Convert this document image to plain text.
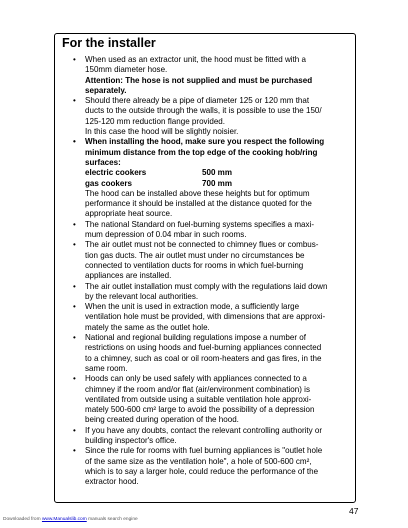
For the installer
• When used as an extractor unit, the hood must be fitted with a
150mm diameter hose.
Attention: The hose is not supplied and must be purchased
separately.
• Should there already be a pipe of diameter 125 or 120 mm that
ducts to the outside through the walls, it is possible to use the 150/
125-120 mm reduction flange provided.
In this case the hood will be slightly noisier.
• When installing the hood, make sure you respect the following
minimum distance from the top edge of the cooking hob/ring
surfaces:
electric cookers	500 mm
gas cookers	700 mm
The hood can be installed above these heights but for optimum
performance it should be installed at the distance quoted for the
appropriate heat source.
• The national Standard on fuel-burning systems specifies a maxi-
mum depression of 0.04 mbar in such rooms.
• The air outlet must not be connected to chimney flues or combus-
tion gas ducts. The air outlet must under no circumstances be
connected to ventilation ducts for rooms in which fuel-burning
appliances are installed.
• The air outlet installation must comply with the regulations laid down
by the relevant local authorities.
• When the unit is used in extraction mode, a sufficiently large
ventilation hole must be provided, with dimensions that are approxi-
mately the same as the outlet hole.
• National and regional building regulations impose a number of
restrictions on using hoods and fuel-burning appliances connected
to a chimney, such as coal or oil room-heaters and gas fires, in the
same room.
• Hoods can only be used safely with appliances connected to a
chimney if the room and/or flat (air/environment combination) is
ventilated from outside using a suitable ventilation hole approxi-
mately 500-600 cm² large to avoid the possibility of a depression
being created during operation of the hood.
• If you have any doubts, contact the relevant controlling authority or
building inspector's office.
• Since the rule for rooms with fuel burning appliances is "outlet hole
of the same size as the ventilation hole", a hole of 500-600 cm²,
which is to say a larger hole, could reduce the performance of the
extractor hood.
47
Downloaded from www.Manualslib.com manuals search engine
